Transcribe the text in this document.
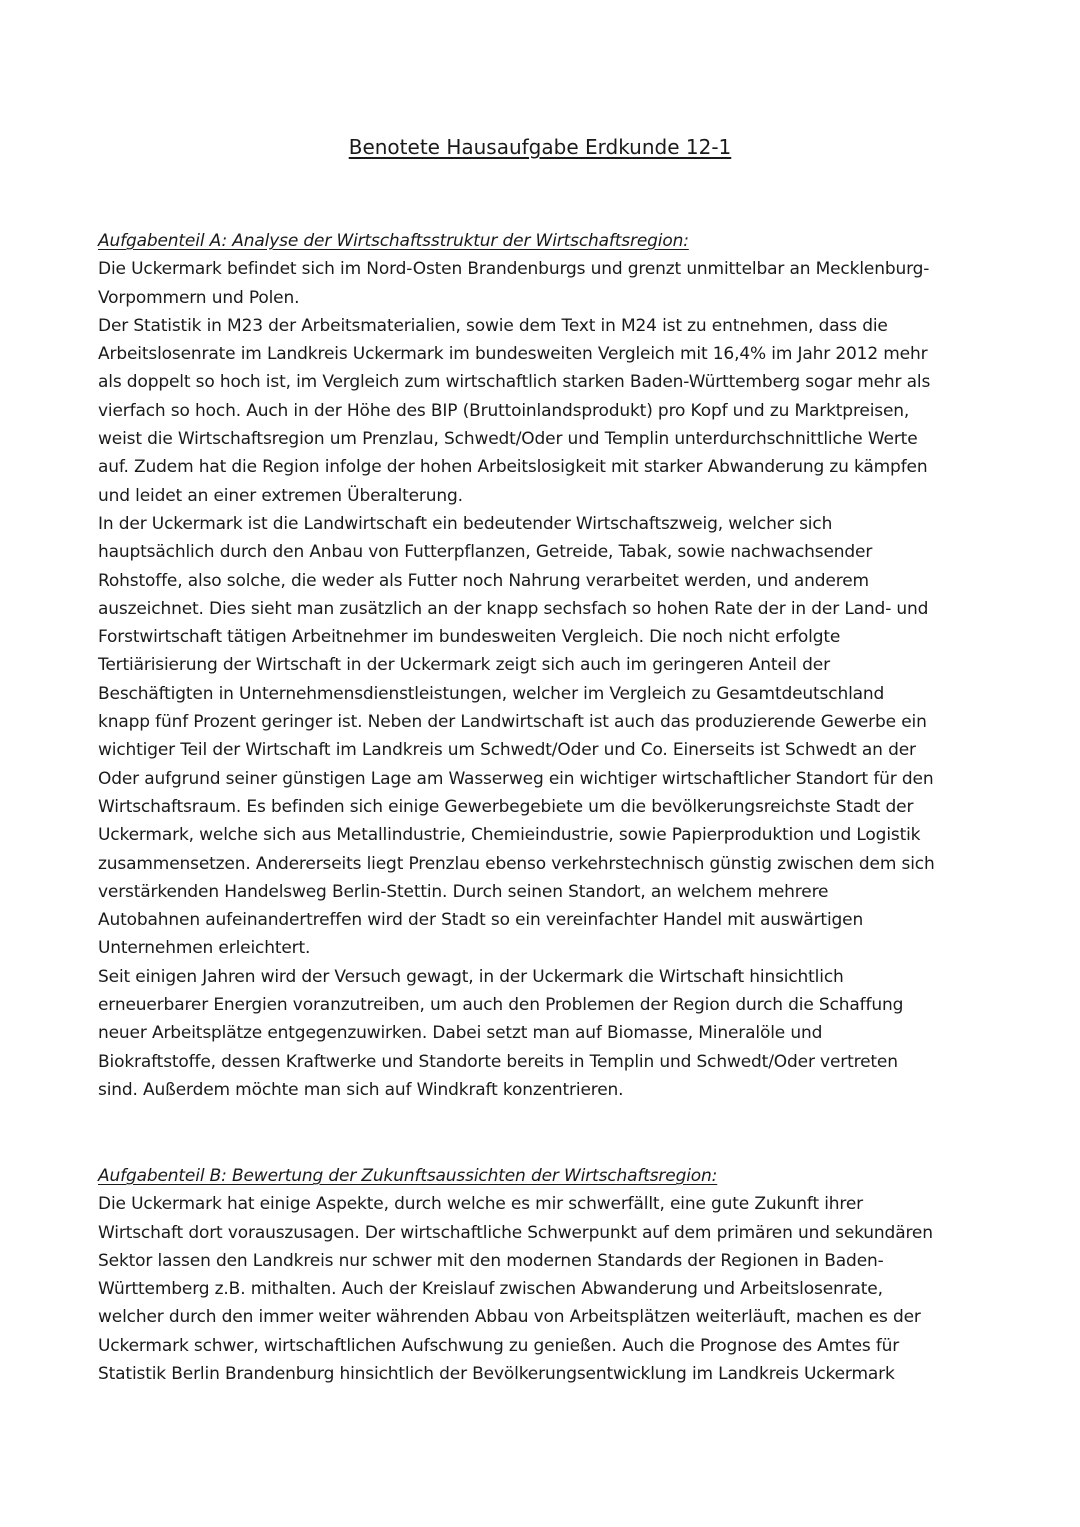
Benotete Hausaufgabe Erdkunde 12-1
Aufgabenteil A: Analyse der Wirtschaftsstruktur der Wirtschaftsregion:
Die Uckermark befindet sich im Nord-Osten Brandenburgs und grenzt unmittelbar an Mecklenburg-
Vorpommern und Polen.
Der Statistik in M23 der Arbeitsmaterialien, sowie dem Text in M24 ist zu entnehmen, dass die
Arbeitslosenrate im Landkreis Uckermark im bundesweiten Vergleich mit 16,4% im Jahr 2012 mehr
als doppelt so hoch ist, im Vergleich zum wirtschaftlich starken Baden-Württemberg sogar mehr als
vierfach so hoch. Auch in der Höhe des BIP (Bruttoinlandsprodukt) pro Kopf und zu Marktpreisen,
weist die Wirtschaftsregion um Prenzlau, Schwedt/Oder und Templin unterdurchschnittliche Werte
auf. Zudem hat die Region infolge der hohen Arbeitslosigkeit mit starker Abwanderung zu kämpfen
und leidet an einer extremen Überalterung.
In der Uckermark ist die Landwirtschaft ein bedeutender Wirtschaftszweig, welcher sich
hauptsächlich durch den Anbau von Futterpflanzen, Getreide, Tabak, sowie nachwachsender
Rohstoffe, also solche, die weder als Futter noch Nahrung verarbeitet werden, und anderem
auszeichnet. Dies sieht man zusätzlich an der knapp sechsfach so hohen Rate der in der Land- und
Forstwirtschaft tätigen Arbeitnehmer im bundesweiten Vergleich. Die noch nicht erfolgte
Tertiärisierung der Wirtschaft in der Uckermark zeigt sich auch im geringeren Anteil der
Beschäftigten in Unternehmensdienstleistungen, welcher im Vergleich zu Gesamtdeutschland
knapp fünf Prozent geringer ist. Neben der Landwirtschaft ist auch das produzierende Gewerbe ein
wichtiger Teil der Wirtschaft im Landkreis um Schwedt/Oder und Co. Einerseits ist Schwedt an der
Oder aufgrund seiner günstigen Lage am Wasserweg ein wichtiger wirtschaftlicher Standort für den
Wirtschaftsraum. Es befinden sich einige Gewerbegebiete um die bevölkerungsreichste Stadt der
Uckermark, welche sich aus Metallindustrie, Chemieindustrie, sowie Papierproduktion und Logistik
zusammensetzen. Andererseits liegt Prenzlau ebenso verkehrstechnisch günstig zwischen dem sich
verstärkenden Handelsweg Berlin-Stettin. Durch seinen Standort, an welchem mehrere
Autobahnen aufeinandertreffen wird der Stadt so ein vereinfachter Handel mit auswärtigen
Unternehmen erleichtert.
Seit einigen Jahren wird der Versuch gewagt, in der Uckermark die Wirtschaft hinsichtlich
erneuerbarer Energien voranzutreiben, um auch den Problemen der Region durch die Schaffung
neuer Arbeitsplätze entgegenzuwirken. Dabei setzt man auf Biomasse, Mineralöle und
Biokraftstoffe, dessen Kraftwerke und Standorte bereits in Templin und Schwedt/Oder vertreten
sind. Außerdem möchte man sich auf Windkraft konzentrieren.
Aufgabenteil B: Bewertung der Zukunftsaussichten der Wirtschaftsregion:
Die Uckermark hat einige Aspekte, durch welche es mir schwerfällt, eine gute Zukunft ihrer
Wirtschaft dort vorauszusagen. Der wirtschaftliche Schwerpunkt auf dem primären und sekundären
Sektor lassen den Landkreis nur schwer mit den modernen Standards der Regionen in Baden-
Württemberg z.B. mithalten. Auch der Kreislauf zwischen Abwanderung und Arbeitslosenrate,
welcher durch den immer weiter währenden Abbau von Arbeitsplätzen weiterläuft, machen es der
Uckermark schwer, wirtschaftlichen Aufschwung zu genießen. Auch die Prognose des Amtes für
Statistik Berlin Brandenburg hinsichtlich der Bevölkerungsentwicklung im Landkreis Uckermark
